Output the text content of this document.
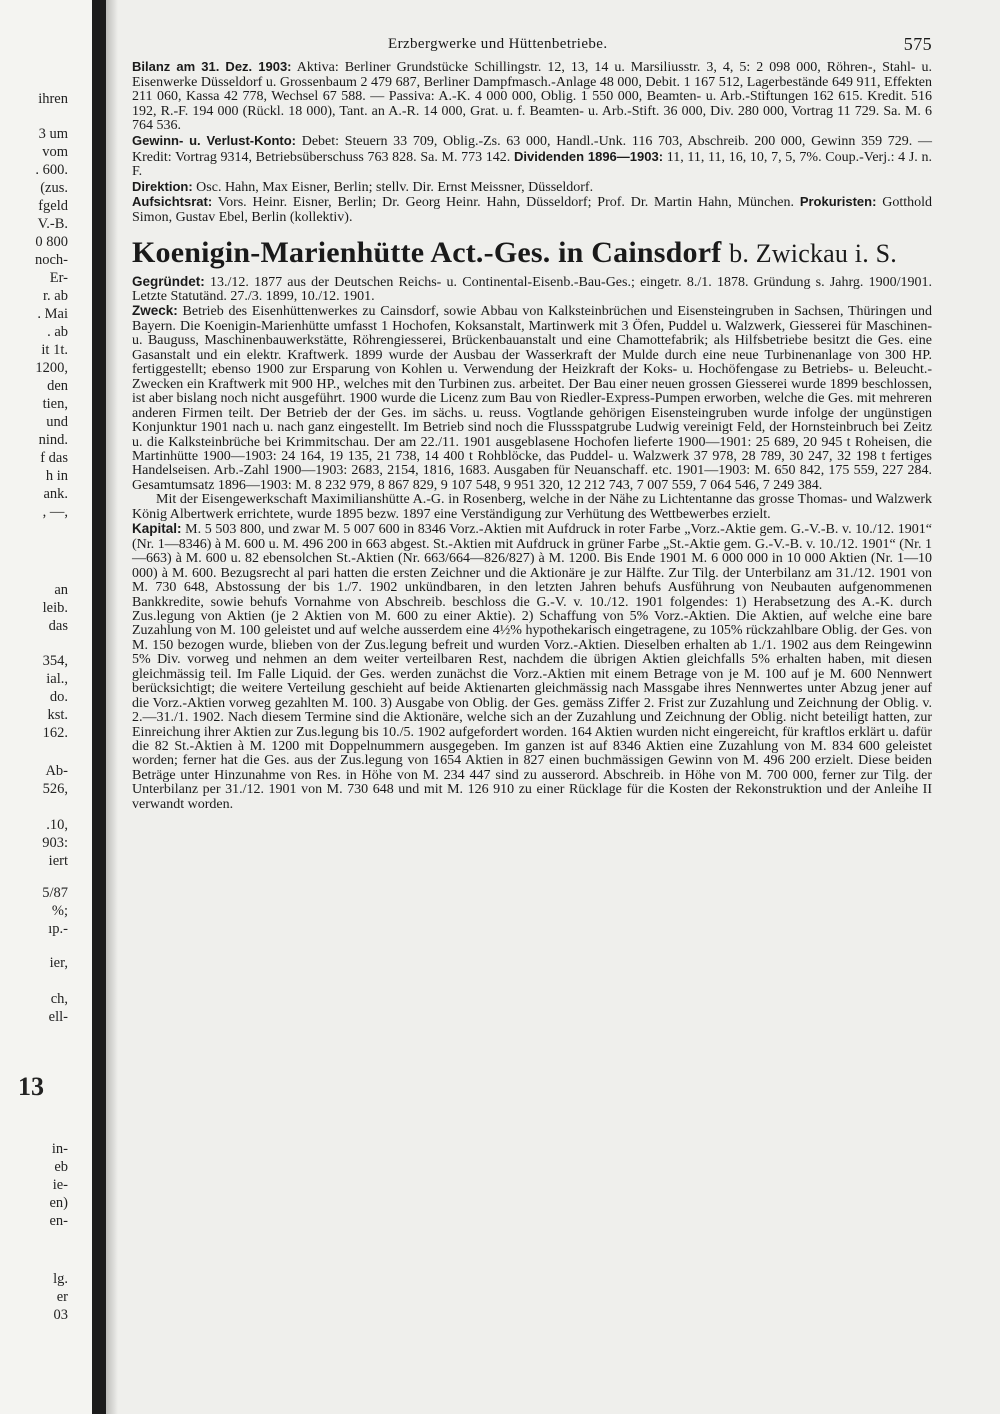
ihren
3 um
vom
. 600.
(zus.
fgeld
V.-B.
0 800
noch-
Er-
r. ab
. Mai
. ab
it 1t.
1200,
den
tien,
und
nind.
f das
h in
ank.
, —,
an
leib.
das
354,
ial.,
do.
kst.
162.
Ab-
526,
.10,
903:
iert
5/87
%;
ıp.-
ier,
ch,
ell-
13
in-
eb
ie-
en)
en-
lg.
er
03
Erzbergwerke und Hüttenbetriebe.	575

Bilanz am 31. Dez. 1903: Aktiva: Berliner Grundstücke Schillingstr. 12, 13, 14 u. Marsiliusstr. 3, 4, 5: 2 098 000, Röhren-, Stahl- u. Eisenwerke Düsseldorf u. Grossenbaum 2 479 687, Berliner Dampfmasch.-Anlage 48 000, Debit. 1 167 512, Lagerbestände 649 911, Effekten 211 060, Kassa 42 778, Wechsel 67 588. — Passiva: A.-K. 4 000 000, Oblig. 1 550 000, Beamten- u. Arb.-Stiftungen 162 615. Kredit. 516 192, R.-F. 194 000 (Rückl. 18 000), Tant. an A.-R. 14 000, Grat. u. f. Beamten- u. Arb.-Stift. 36 000, Div. 280 000, Vortrag 11 729. Sa. M. 6 764 536.

Gewinn- u. Verlust-Konto: Debet: Steuern 33 709, Oblig.-Zs. 63 000, Handl.-Unk. 116 703, Abschreib. 200 000, Gewinn 359 729. — Kredit: Vortrag 9314, Betriebsüberschuss 763 828. Sa. M. 773 142. Dividenden 1896—1903: 11, 11, 11, 16, 10, 7, 5, 7%. Coup.-Verj.: 4 J. n. F.

Direktion: Osc. Hahn, Max Eisner, Berlin; stellv. Dir. Ernst Meissner, Düsseldorf.

Aufsichtsrat: Vors. Heinr. Eisner, Berlin; Dr. Georg Heinr. Hahn, Düsseldorf; Prof. Dr. Martin Hahn, München. Prokuristen: Gotthold Simon, Gustav Ebel, Berlin (kollektiv).

Koenigin-Marienhütte Act.-Ges. in Cainsdorf b. Zwickau i. S.

Gegründet: 13./12. 1877 aus der Deutschen Reichs- u. Continental-Eisenb.-Bau-Ges.; eingetr. 8./1. 1878. Gründung s. Jahrg. 1900/1901. Letzte Statutänd. 27./3. 1899, 10./12. 1901.

Zweck: Betrieb des Eisenhüttenwerkes zu Cainsdorf, sowie Abbau von Kalksteinbrüchen und Eisensteingruben in Sachsen, Thüringen und Bayern. Die Koenigin-Marienhütte umfasst 1 Hochofen, Koksanstalt, Martinwerk mit 3 Öfen, Puddel u. Walzwerk, Giesserei für Maschinen- u. Bauguss, Maschinenbauwerkstätte, Röhrengiesserei, Brückenbauanstalt und eine Chamottefabrik; als Hilfsbetriebe besitzt die Ges. eine Gasanstalt und ein elektr. Kraftwerk. 1899 wurde der Ausbau der Wasserkraft der Mulde durch eine neue Turbinenanlage von 300 HP. fertiggestellt; ebenso 1900 zur Ersparung von Kohlen u. Verwendung der Heizkraft der Koks- u. Hochöfengase zu Betriebs- u. Beleucht.-Zwecken ein Kraftwerk mit 900 HP., welches mit den Turbinen zus. arbeitet. Der Bau einer neuen grossen Giesserei wurde 1899 beschlossen, ist aber bislang noch nicht ausgeführt. 1900 wurde die Licenz zum Bau von Riedler-Express-Pumpen erworben, welche die Ges. mit mehreren anderen Firmen teilt. Der Betrieb der der Ges. im sächs. u. reuss. Vogtlande gehörigen Eisensteingruben wurde infolge der ungünstigen Konjunktur 1901 nach u. nach ganz eingestellt. Im Betrieb sind noch die Flussspatgrube Ludwig vereinigt Feld, der Hornsteinbruch bei Zeitz u. die Kalksteinbrüche bei Krimmitschau. Der am 22./11. 1901 ausgeblasene Hochofen lieferte 1900—1901: 25 689, 20 945 t Roheisen, die Martinhütte 1900—1903: 24 164, 19 135, 21 738, 14 400 t Rohblöcke, das Puddel- u. Walzwerk 37 978, 28 789, 30 247, 32 198 t fertiges Handelseisen. Arb.-Zahl 1900—1903: 2683, 2154, 1816, 1683. Ausgaben für Neuanschaff. etc. 1901—1903: M. 650 842, 175 559, 227 284. Gesamtumsatz 1896—1903: M. 8 232 979, 8 867 829, 9 107 548, 9 951 320, 12 212 743, 7 007 559, 7 064 546, 7 249 384.

Mit der Eisengewerkschaft Maximilianshütte A.-G. in Rosenberg, welche in der Nähe zu Lichtentanne das grosse Thomas- und Walzwerk König Albertwerk errichtete, wurde 1895 bezw. 1897 eine Verständigung zur Verhütung des Wettbewerbes erzielt.

Kapital: M. 5 503 800, und zwar M. 5 007 600 in 8346 Vorz.-Aktien mit Aufdruck in roter Farbe „Vorz.-Aktie gem. G.-V.-B. v. 10./12. 1901“ (Nr. 1—8346) à M. 600 u. M. 496 200 in 663 abgest. St.-Aktien mit Aufdruck in grüner Farbe „St.-Aktie gem. G.-V.-B. v. 10./12. 1901“ (Nr. 1—663) à M. 600 u. 82 ebensolchen St.-Aktien (Nr. 663/664—826/827) à M. 1200. Bis Ende 1901 M. 6 000 000 in 10 000 Aktien (Nr. 1—10 000) à M. 600. Bezugsrecht al pari hatten die ersten Zeichner und die Aktionäre je zur Hälfte. Zur Tilg. der Unterbilanz am 31./12. 1901 von M. 730 648, Abstossung der bis 1./7. 1902 unkündbaren, in den letzten Jahren behufs Ausführung von Neubauten aufgenommenen Bankkredite, sowie behufs Vornahme von Abschreib. beschloss die G.-V. v. 10./12. 1901 folgendes: 1) Herabsetzung des A.-K. durch Zus.legung von Aktien (je 2 Aktien von M. 600 zu einer Aktie). 2) Schaffung von 5% Vorz.-Aktien. Die Aktien, auf welche eine bare Zuzahlung von M. 100 geleistet und auf welche ausserdem eine 4½% hypothekarisch eingetragene, zu 105% rückzahlbare Oblig. der Ges. von M. 150 bezogen wurde, blieben von der Zus.legung befreit und wurden Vorz.-Aktien. Dieselben erhalten ab 1./1. 1902 aus dem Reingewinn 5% Div. vorweg und nehmen an dem weiter verteilbaren Rest, nachdem die übrigen Aktien gleichfalls 5% erhalten haben, mit diesen gleichmässig teil. Im Falle Liquid. der Ges. werden zunächst die Vorz.-Aktien mit einem Betrage von je M. 100 auf je M. 600 Nennwert berücksichtigt; die weitere Verteilung geschieht auf beide Aktienarten gleichmässig nach Massgabe ihres Nennwertes unter Abzug jener auf die Vorz.-Aktien vorweg gezahlten M. 100. 3) Ausgabe von Oblig. der Ges. gemäss Ziffer 2. Frist zur Zuzahlung und Zeichnung der Oblig. v. 2.—31./1. 1902. Nach diesem Termine sind die Aktionäre, welche sich an der Zuzahlung und Zeichnung der Oblig. nicht beteiligt hatten, zur Einreichung ihrer Aktien zur Zus.legung bis 10./5. 1902 aufgefordert worden. 164 Aktien wurden nicht eingereicht, für kraftlos erklärt u. dafür die 82 St.-Aktien à M. 1200 mit Doppelnummern ausgegeben. Im ganzen ist auf 8346 Aktien eine Zuzahlung von M. 834 600 geleistet worden; ferner hat die Ges. aus der Zus.legung von 1654 Aktien in 827 einen buchmässigen Gewinn von M. 496 200 erzielt. Diese beiden Beträge unter Hinzunahme von Res. in Höhe von M. 234 447 sind zu ausserord. Abschreib. in Höhe von M. 700 000, ferner zur Tilg. der Unterbilanz per 31./12. 1901 von M. 730 648 und mit M. 126 910 zu einer Rücklage für die Kosten der Rekonstruktion und der Anleihe II verwandt worden.
